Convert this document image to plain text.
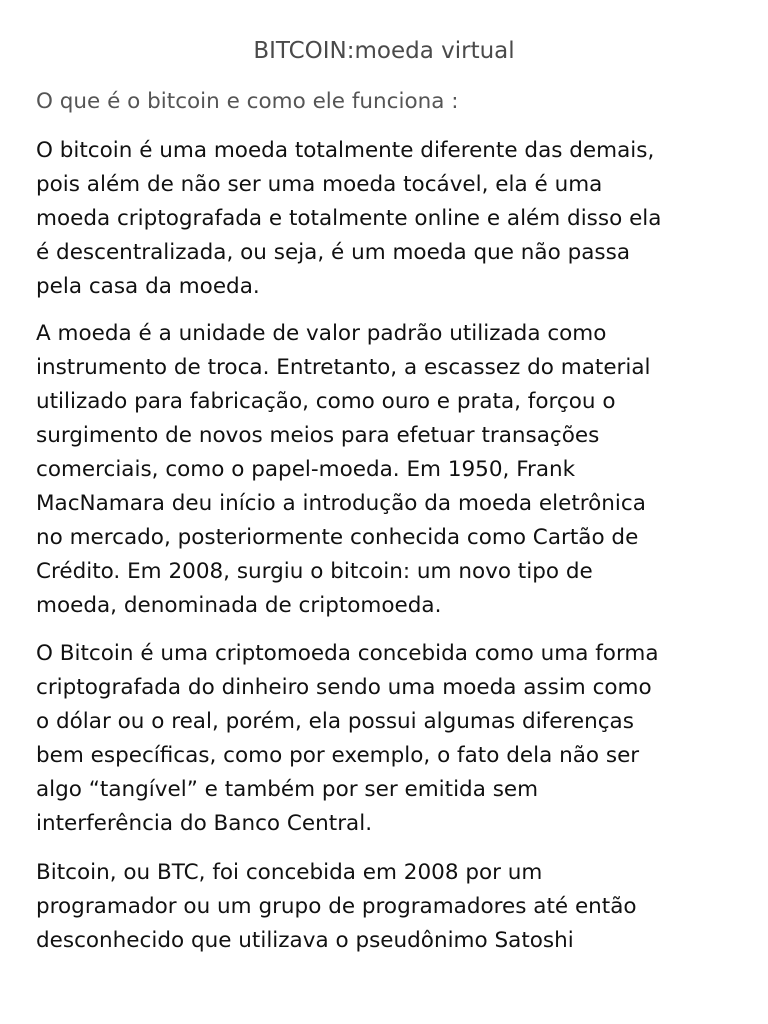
BITCOIN:moeda virtual
O que é o bitcoin e como ele funciona :
O bitcoin é uma moeda totalmente diferente das demais,
pois além de não ser uma moeda tocável, ela é uma
moeda criptografada e totalmente online e além disso ela
é descentralizada, ou seja, é um moeda que não passa
pela casa da moeda.
A moeda é a unidade de valor padrão utilizada como
instrumento de troca. Entretanto, a escassez do material
utilizado para fabricação, como ouro e prata, forçou o
surgimento de novos meios para efetuar transações
comerciais, como o papel-moeda. Em 1950, Frank
MacNamara deu início a introdução da moeda eletrônica
no mercado, posteriormente conhecida como Cartão de
Crédito. Em 2008, surgiu o bitcoin: um novo tipo de
moeda, denominada de criptomoeda.
O Bitcoin é uma criptomoeda concebida como uma forma
criptografada do dinheiro sendo uma moeda assim como
o dólar ou o real, porém, ela possui algumas diferenças
bem específicas, como por exemplo, o fato dela não ser
algo “tangível” e também por ser emitida sem
interferência do Banco Central.
Bitcoin, ou BTC, foi concebida em 2008 por um
programador ou um grupo de programadores até então
desconhecido que utilizava o pseudônimo Satoshi
